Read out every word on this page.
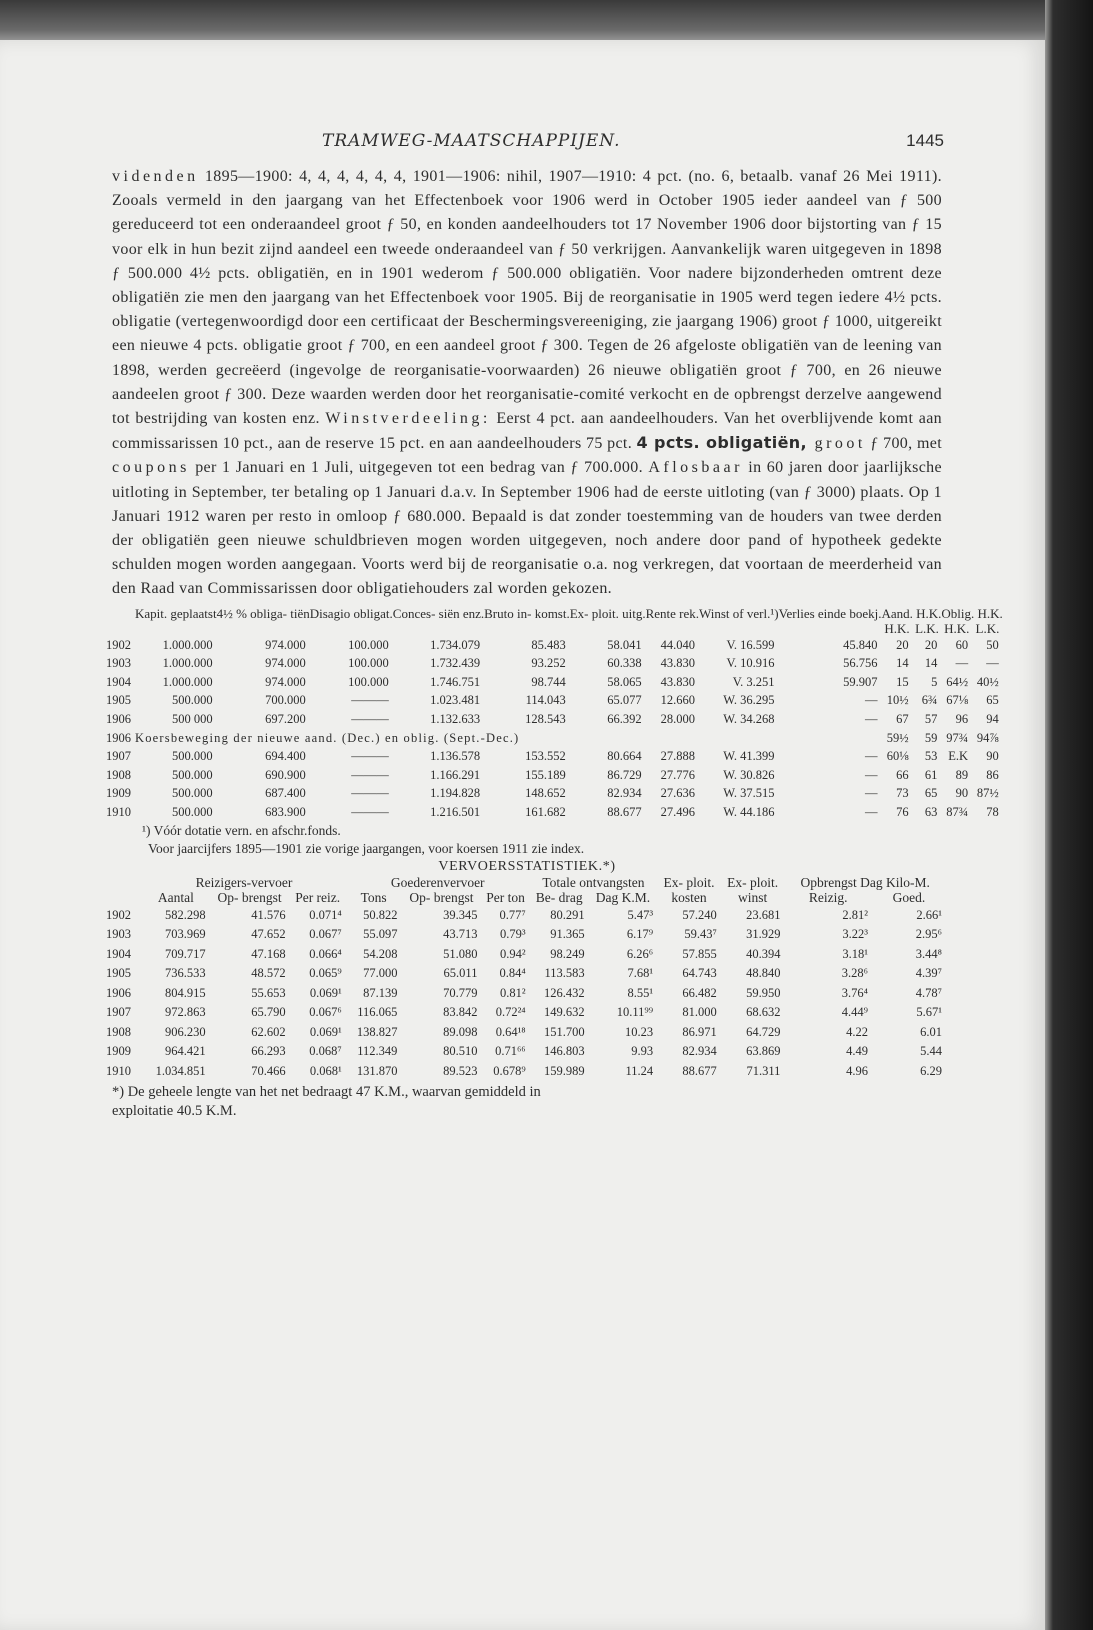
TRAMWEG-MAATSCHAPPIJEN.	1445
videnden 1895—1900: 4, 4, 4, 4, 4, 4, 1901—1906: nihil, 1907—1910: 4 pct. (no. 6, betaalb. vanaf 26 Mei 1911). Zooals vermeld in den jaargang van het Effectenboek voor 1906 werd in October 1905 ieder aandeel van ƒ 500 gereduceerd tot een onderaandeel groot ƒ 50, en konden aandeelhouders tot 17 November 1906 door bijstorting van ƒ 15 voor elk in hun bezit zijnd aandeel een tweede onderaandeel van ƒ 50 verkrijgen. Aanvankelijk waren uitgegeven in 1898 ƒ 500.000 4½ pcts. obligatiën, en in 1901 wederom ƒ 500.000 obligatiën. Voor nadere bijzonderheden omtrent deze obligatiën zie men den jaargang van het Effectenboek voor 1905. Bij de reorganisatie in 1905 werd tegen iedere 4½ pcts. obligatie (vertegenwoordigd door een certificaat der Beschermingsvereeniging, zie jaargang 1906) groot ƒ 1000, uitgereikt een nieuwe 4 pcts. obligatie groot ƒ 700, en een aandeel groot ƒ 300. Tegen de 26 afgeloste obligatiën van de leening van 1898, werden gecreëerd (ingevolge de reorganisatie-voorwaarden) 26 nieuwe obligatiën groot ƒ 700, en 26 nieuwe aandeelen groot ƒ 300. Deze waarden werden door het reorganisatie-comité verkocht en de opbrengst derzelve aangewend tot bestrijding van kosten enz. Winstverdeeling: Eerst 4 pct. aan aandeelhouders. Van het overblijvende komt aan commissarissen 10 pct., aan de reserve 15 pct. en aan aandeelhouders 75 pct. 4 pcts. obligatiën, groot ƒ 700, met coupons per 1 Januari en 1 Juli, uitgegeven tot een bedrag van ƒ 700.000. Aflosbaar in 60 jaren door jaarlijksche uitloting in September, ter betaling op 1 Januari d.a.v. In September 1906 had de eerste uitloting (van ƒ 3000) plaats. Op 1 Januari 1912 waren per resto in omloop ƒ 680.000. Bepaald is dat zonder toestemming van de houders van twee derden der obligatiën geen nieuwe schuldbrieven mogen worden uitgegeven, noch andere door pand of hypotheek gedekte schulden mogen worden aangegaan. Voorts werd bij de reorganisatie o.a. nog verkregen, dat voortaan de meerderheid van den Raad van Commissarissen door obligatiehouders zal worden gekozen.
	Kapit. geplaatst	4½ % obliga- tiën	Disagio obligat.	Conces- siën enz.	Bruto in- komst.	Ex- ploit. uitg.	Rente rek.	Winst of verl.¹)	Verlies einde boekj.	Aand. H.K.		Oblig. H.K.	
										H.K.	L.K.	H.K.	L.K.
1902	1.000.000	974.000	100.000	1.734.079	85.483	58.041	44.040	V. 16.599	45.840	20	20	60	50
1903	1.000.000	974.000	100.000	1.732.439	93.252	60.338	43.830	V. 10.916	56.756	14	14	—	—
1904	1.000.000	974.000	100.000	1.746.751	98.744	58.065	43.830	V. 3.251	59.907	15	5	64½	40½
1905	500.000	700.000	———	1.023.481	114.043	65.077	12.660	W. 36.295	—	10½	6¾	67⅛	65
1906	500 000	697.200	———	1.132.633	128.543	66.392	28.000	W. 34.268	—	67	57	96	94
1906	Koersbeweging der nieuwe aand. (Dec.) en oblig. (Sept.-Dec.)									59½	59	97¾	94⅞
1907	500.000	694.400	———	1.136.578	153.552	80.664	27.888	W. 41.399	—	60⅛	53	E.K	90
1908	500.000	690.900	———	1.166.291	155.189	86.729	27.776	W. 30.826	—	66	61	89	86
1909	500.000	687.400	———	1.194.828	148.652	82.934	27.636	W. 37.515	—	73	65	90	87½
1910	500.000	683.900	———	1.216.501	161.682	88.677	27.496	W. 44.186	—	76	63	87¾	78
¹) Vóór dotatie vern. en afschr.fonds.
Voor jaarcijfers 1895—1901 zie vorige jaargangen, voor koersen 1911 zie index.
VERVOERSSTATISTIEK.*)
	Reizigers-vervoer			Goederenvervoer			Totale ontvangsten		Ex- ploit.	Ex- ploit.	Opbrengst Dag Kilo-M.	
	Aantal	Op- brengst	Per reiz.	Tons	Op- brengst	Per ton	Be- drag	Dag K.M.	kosten	winst	Reizig.	Goed.
1902	582.298	41.576	0.071⁴	50.822	39.345	0.77⁷	80.291	5.47³	57.240	23.681	2.81²	2.66¹
1903	703.969	47.652	0.067⁷	55.097	43.713	0.79³	91.365	6.17⁹	59.43⁷	31.929	3.22³	2.95⁶
1904	709.717	47.168	0.066⁴	54.208	51.080	0.94²	98.249	6.26⁶	57.855	40.394	3.18¹	3.44⁸
1905	736.533	48.572	0.065⁹	77.000	65.011	0.84⁴	113.583	7.68¹	64.743	48.840	3.28⁶	4.39⁷
1906	804.915	55.653	0.069¹	87.139	70.779	0.81²	126.432	8.55¹	66.482	59.950	3.76⁴	4.78⁷
1907	972.863	65.790	0.067⁶	116.065	83.842	0.72²⁴	149.632	10.11⁹⁹	81.000	68.632	4.44⁹	5.67¹
1908	906.230	62.602	0.069¹	138.827	89.098	0.64¹⁸	151.700	10.23	86.971	64.729	4.22	6.01
1909	964.421	66.293	0.068⁷	112.349	80.510	0.71⁶⁶	146.803	9.93	82.934	63.869	4.49	5.44
1910	1.034.851	70.466	0.068¹	131.870	89.523	0.678⁹	159.989	11.24	88.677	71.311	4.96	6.29
*) De geheele lengte van het net bedraagt 47 K.M., waarvan gemiddeld in
exploitatie 40.5 K.M.
